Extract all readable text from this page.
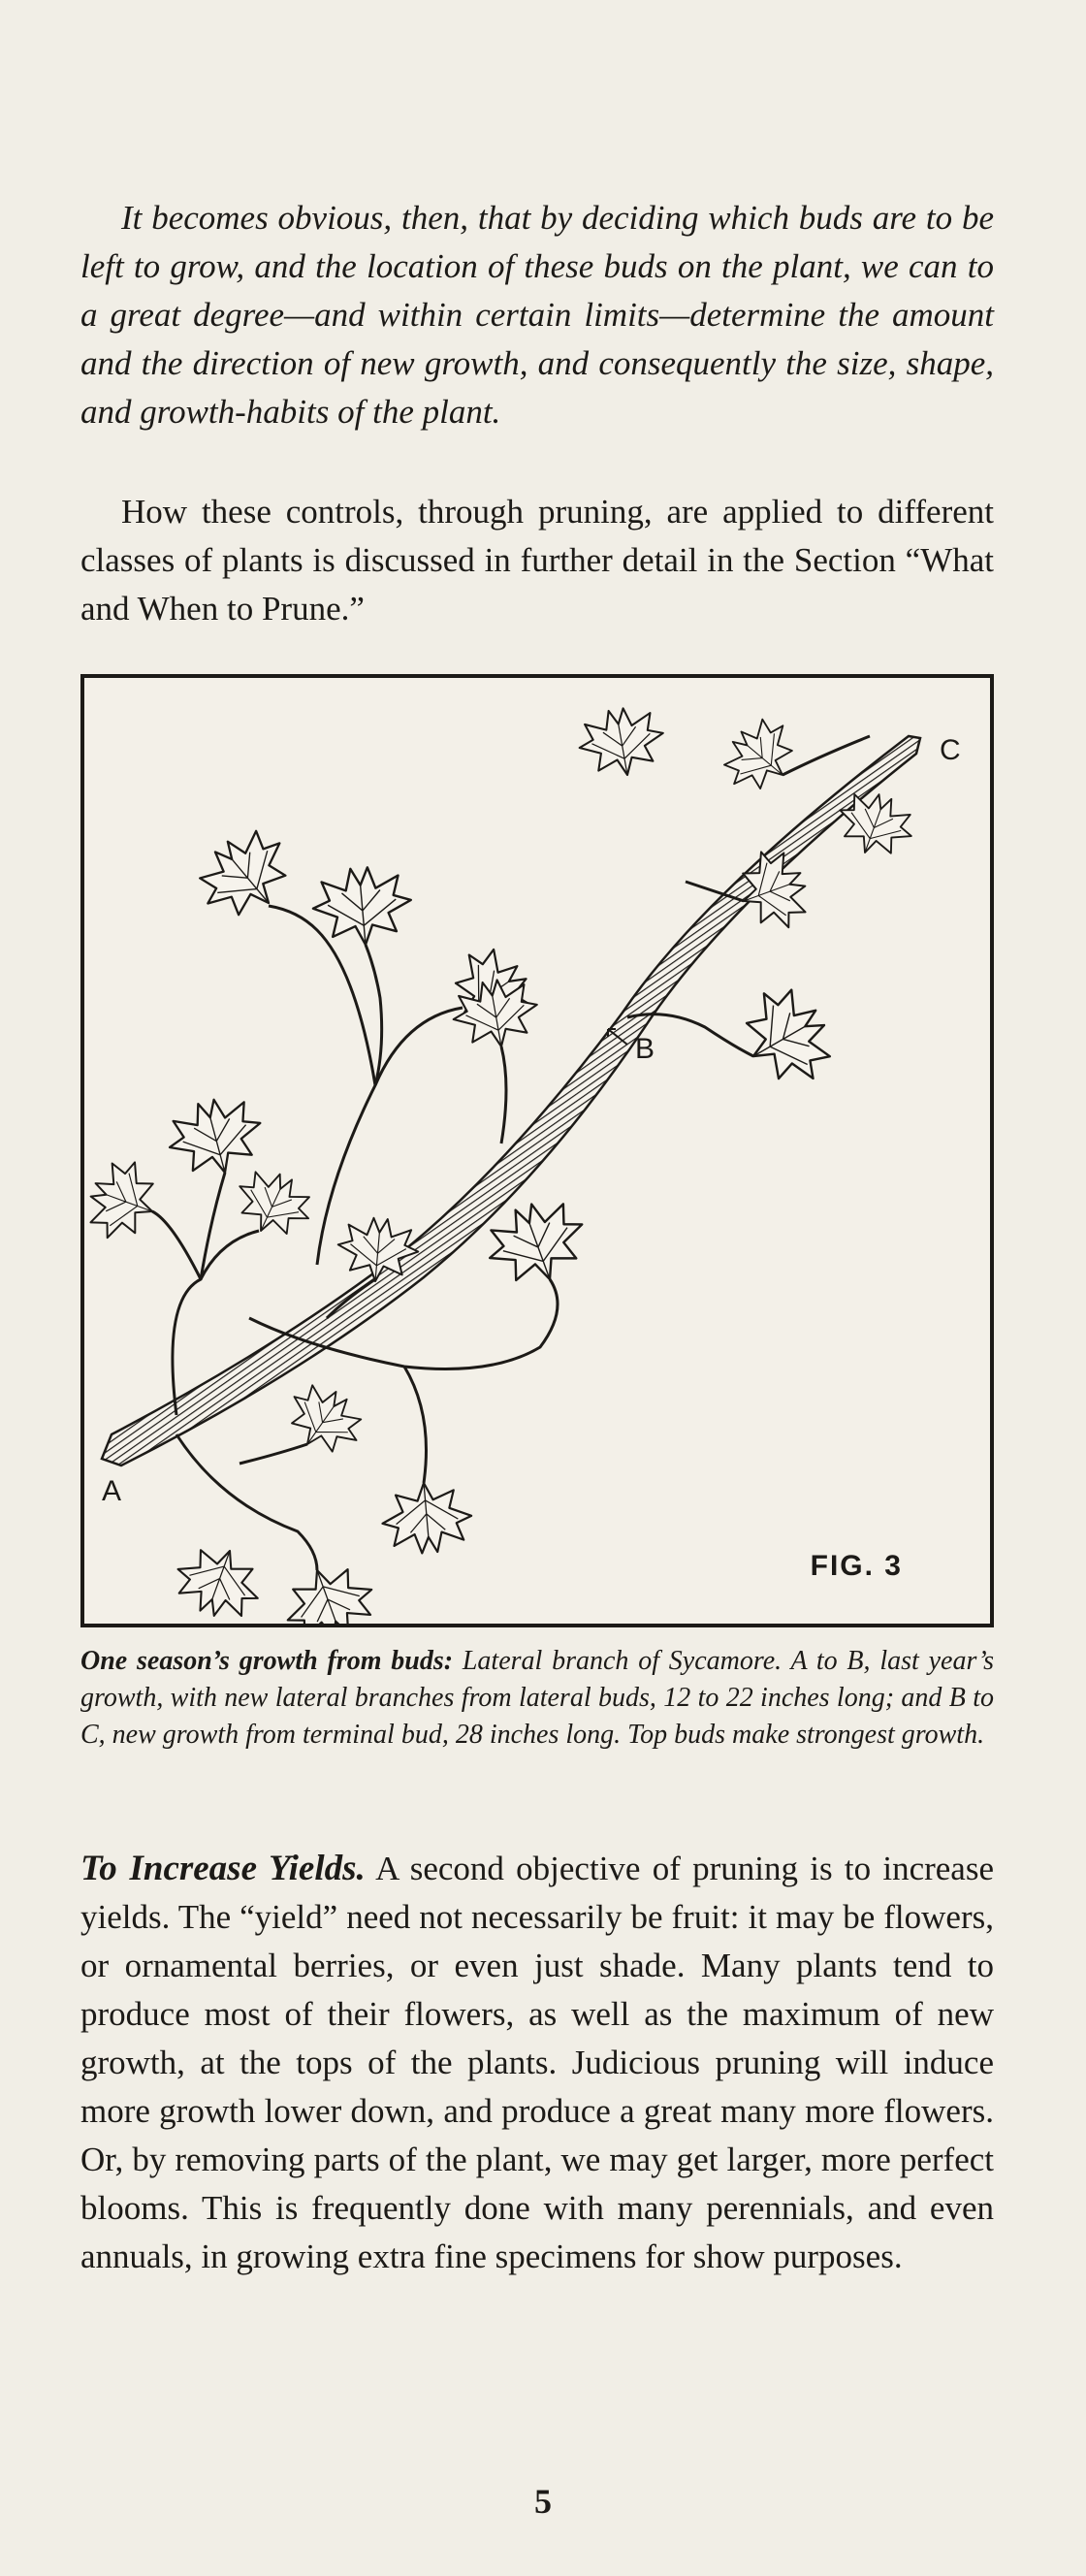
It becomes obvious, then, that by deciding which buds are to be left to grow, and the location of these buds on the plant, we can to a great degree—and within certain limits—determine the amount and the direction of new growth, and consequently the size, shape, and growth-habits of the plant.

How these controls, through pruning, are applied to different classes of plants is discussed in further detail in the Section “What and When to Prune.”

A
B
C
FIG. 3

One season’s growth from buds: Lateral branch of Sycamore. A to B, last year’s growth, with new lateral branches from lateral buds, 12 to 22 inches long; and B to C, new growth from terminal bud, 28 inches long. Top buds make strongest growth.

To Increase Yields. A second objective of pruning is to increase yields. The “yield” need not necessarily be fruit: it may be flowers, or ornamental berries, or even just shade. Many plants tend to produce most of their flowers, as well as the maximum of new growth, at the tops of the plants. Judicious pruning will induce more growth lower down, and produce a great many more flowers. Or, by removing parts of the plant, we may get larger, more perfect blooms. This is frequently done with many perennials, and even annuals, in growing extra fine specimens for show purposes.

5
